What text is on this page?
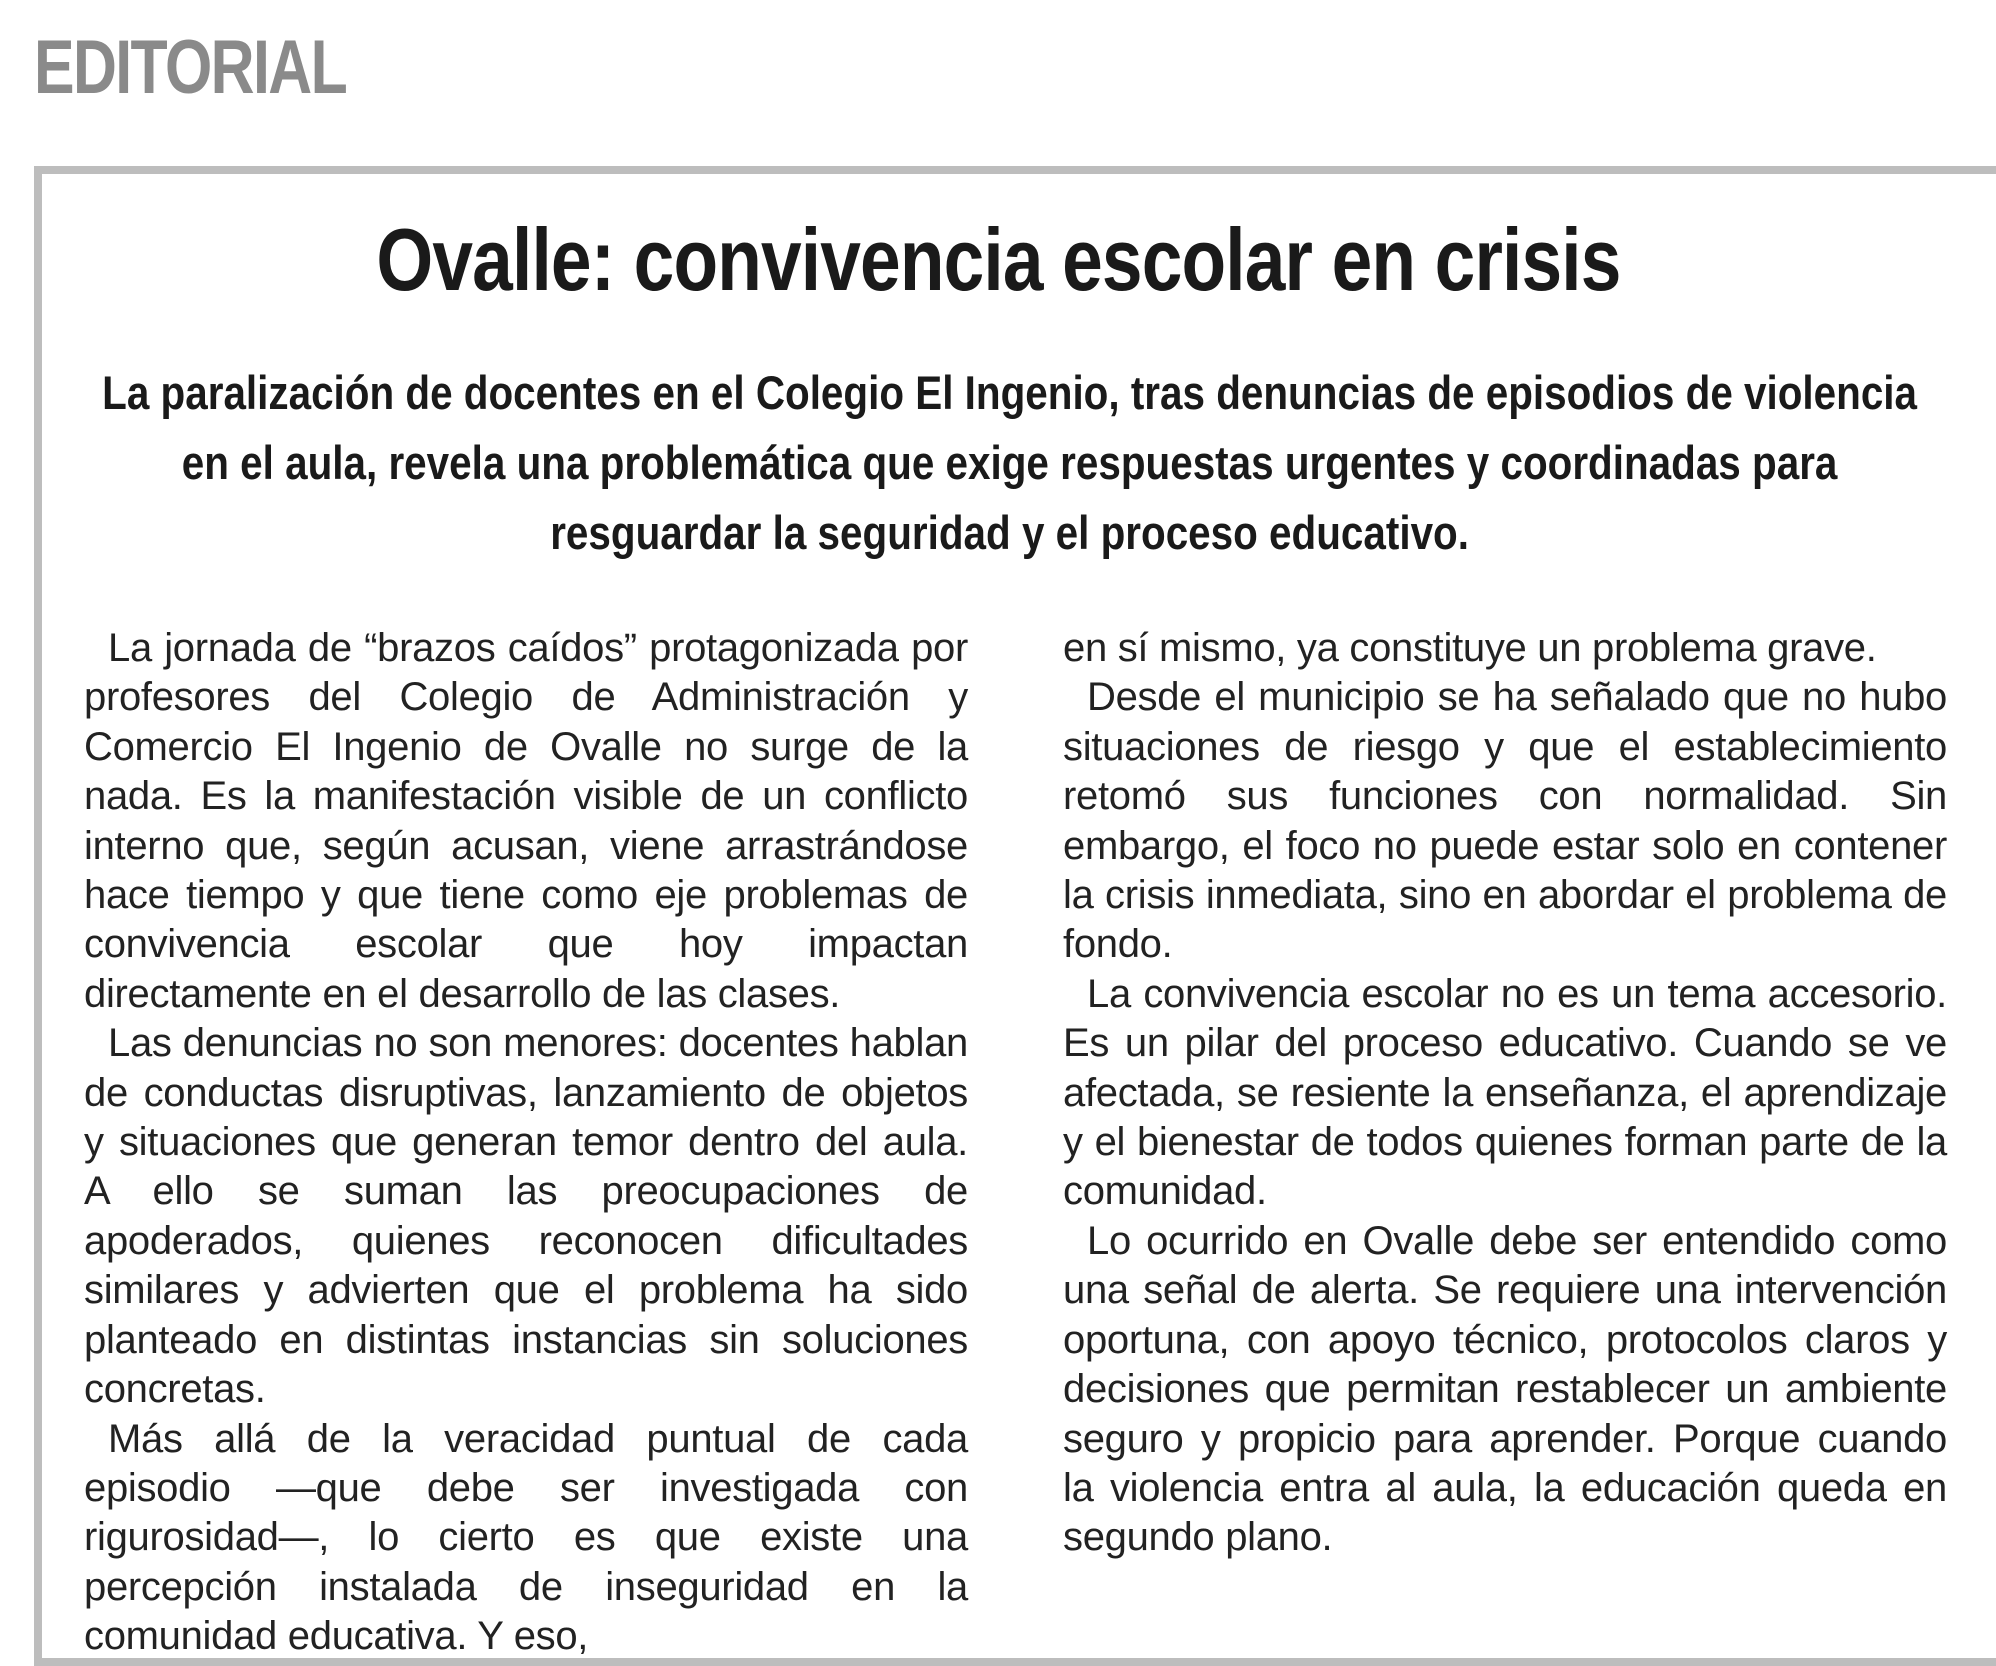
EDITORIAL
Ovalle: convivencia escolar en crisis
La paralización de docentes en el Colegio El Ingenio, tras denuncias de episodios de violencia en el aula, revela una problemática que exige respuestas urgentes y coordinadas para resguardar la seguridad y el proceso educativo.

La jornada de “brazos caídos” protagonizada por profesores del Colegio de Administración y Comercio El Ingenio de Ovalle no surge de la nada. Es la manifestación visible de un conflicto interno que, según acusan, viene arrastrándose hace tiempo y que tiene como eje problemas de convivencia escolar que hoy impactan directamente en el desarrollo de las clases.

Las denuncias no son menores: docentes hablan de conductas disruptivas, lanzamiento de objetos y situaciones que generan temor dentro del aula. A ello se suman las preocupaciones de apoderados, quienes reconocen dificultades similares y advierten que el problema ha sido planteado en distintas instancias sin soluciones concretas.

Más allá de la veracidad puntual de cada episodio —que debe ser investigada con rigurosidad—, lo cierto es que existe una percepción instalada de inseguridad en la comunidad educativa. Y eso,

en sí mismo, ya constituye un problema grave.

Desde el municipio se ha señalado que no hubo situaciones de riesgo y que el establecimiento retomó sus funciones con normalidad. Sin embargo, el foco no puede estar solo en contener la crisis inmediata, sino en abordar el problema de fondo.

La convivencia escolar no es un tema accesorio. Es un pilar del proceso educativo. Cuando se ve afectada, se resiente la enseñanza, el aprendizaje y el bienestar de todos quienes forman parte de la comunidad.

Lo ocurrido en Ovalle debe ser entendido como una señal de alerta. Se requiere una intervención oportuna, con apoyo técnico, protocolos claros y decisiones que permitan restablecer un ambiente seguro y propicio para aprender. Porque cuando la violencia entra al aula, la educación queda en segundo plano.
